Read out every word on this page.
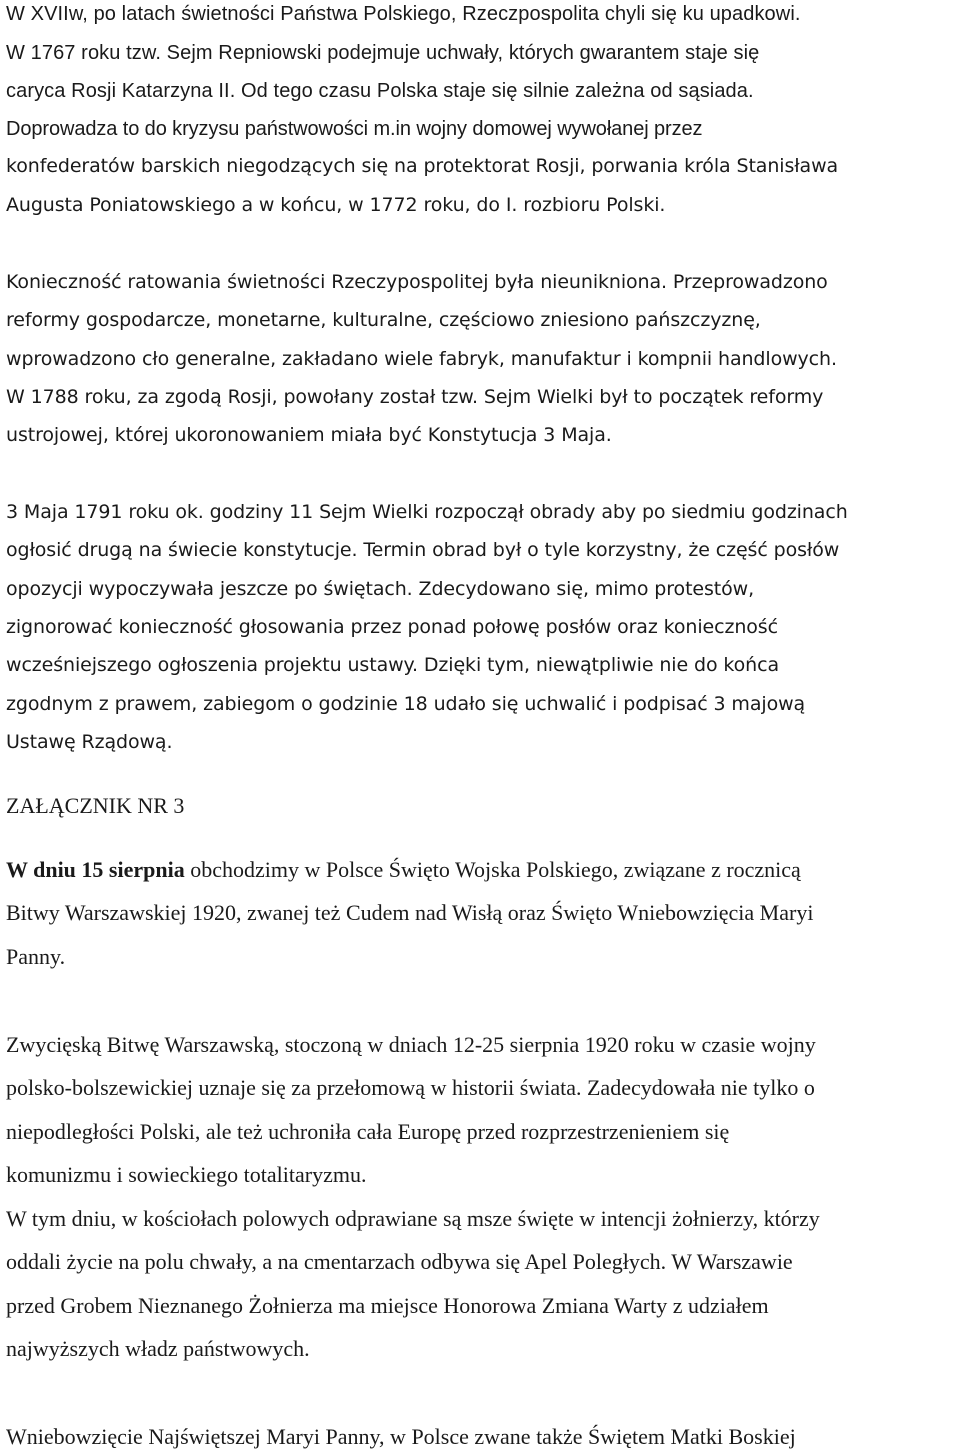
W XVIIw, po latach świetności Państwa Polskiego, Rzeczpospolita chyli się ku upadkowi.
W 1767 roku tzw. Sejm Repniowski podejmuje uchwały, których gwarantem staje się
caryca Rosji Katarzyna II. Od tego czasu Polska staje się silnie zależna od sąsiada.
Doprowadza to do kryzysu państwowości m.in wojny domowej wywołanej przez
konfederatów barskich niegodzących się na protektorat Rosji, porwania króla Stanisława
Augusta Poniatowskiego a w końcu, w 1772 roku, do I. rozbioru Polski.
Konieczność ratowania świetności Rzeczypospolitej była nieunikniona. Przeprowadzono
reformy gospodarcze, monetarne, kulturalne, częściowo zniesiono pańszczyznę,
wprowadzono cło generalne, zakładano wiele fabryk, manufaktur i kompnii handlowych.
W 1788 roku, za zgodą Rosji, powołany został tzw. Sejm Wielki był to początek reformy
ustrojowej, której ukoronowaniem miała być Konstytucja 3 Maja.
3 Maja 1791 roku ok. godziny 11 Sejm Wielki rozpoczął obrady aby po siedmiu godzinach
ogłosić drugą na świecie konstytucje. Termin obrad był o tyle korzystny, że część posłów
opozycji wypoczywała jeszcze po świętach. Zdecydowano się, mimo protestów,
zignorować konieczność głosowania przez ponad połowę posłów oraz konieczność
wcześniejszego ogłoszenia projektu ustawy. Dzięki tym, niewątpliwie nie do końca
zgodnym z prawem, zabiegom o godzinie 18 udało się uchwalić i podpisać 3 majową
Ustawę Rządową.
ZAŁĄCZNIK NR 3
W dniu 15 sierpnia obchodzimy w Polsce Święto Wojska Polskiego, związane z rocznicą
Bitwy Warszawskiej 1920, zwanej też Cudem nad Wisłą oraz Święto Wniebowzięcia Maryi
Panny.
Zwycięską Bitwę Warszawską, stoczoną w dniach 12-25 sierpnia 1920 roku w czasie wojny
polsko-bolszewickiej uznaje się za przełomową w historii świata. Zadecydowała nie tylko o
niepodległości Polski, ale też uchroniła cała Europę przed rozprzestrzenieniem się
komunizmu i sowieckiego totalitaryzmu.
W tym dniu, w kościołach polowych odprawiane są msze święte w intencji żołnierzy, którzy
oddali życie na polu chwały, a na cmentarzach odbywa się Apel Poległych. W Warszawie
przed Grobem Nieznanego Żołnierza ma miejsce Honorowa Zmiana Warty z udziałem
najwyższych władz państwowych.
Wniebowzięcie Najświętszej Maryi Panny, w Polsce zwane także Świętem Matki Boskiej
